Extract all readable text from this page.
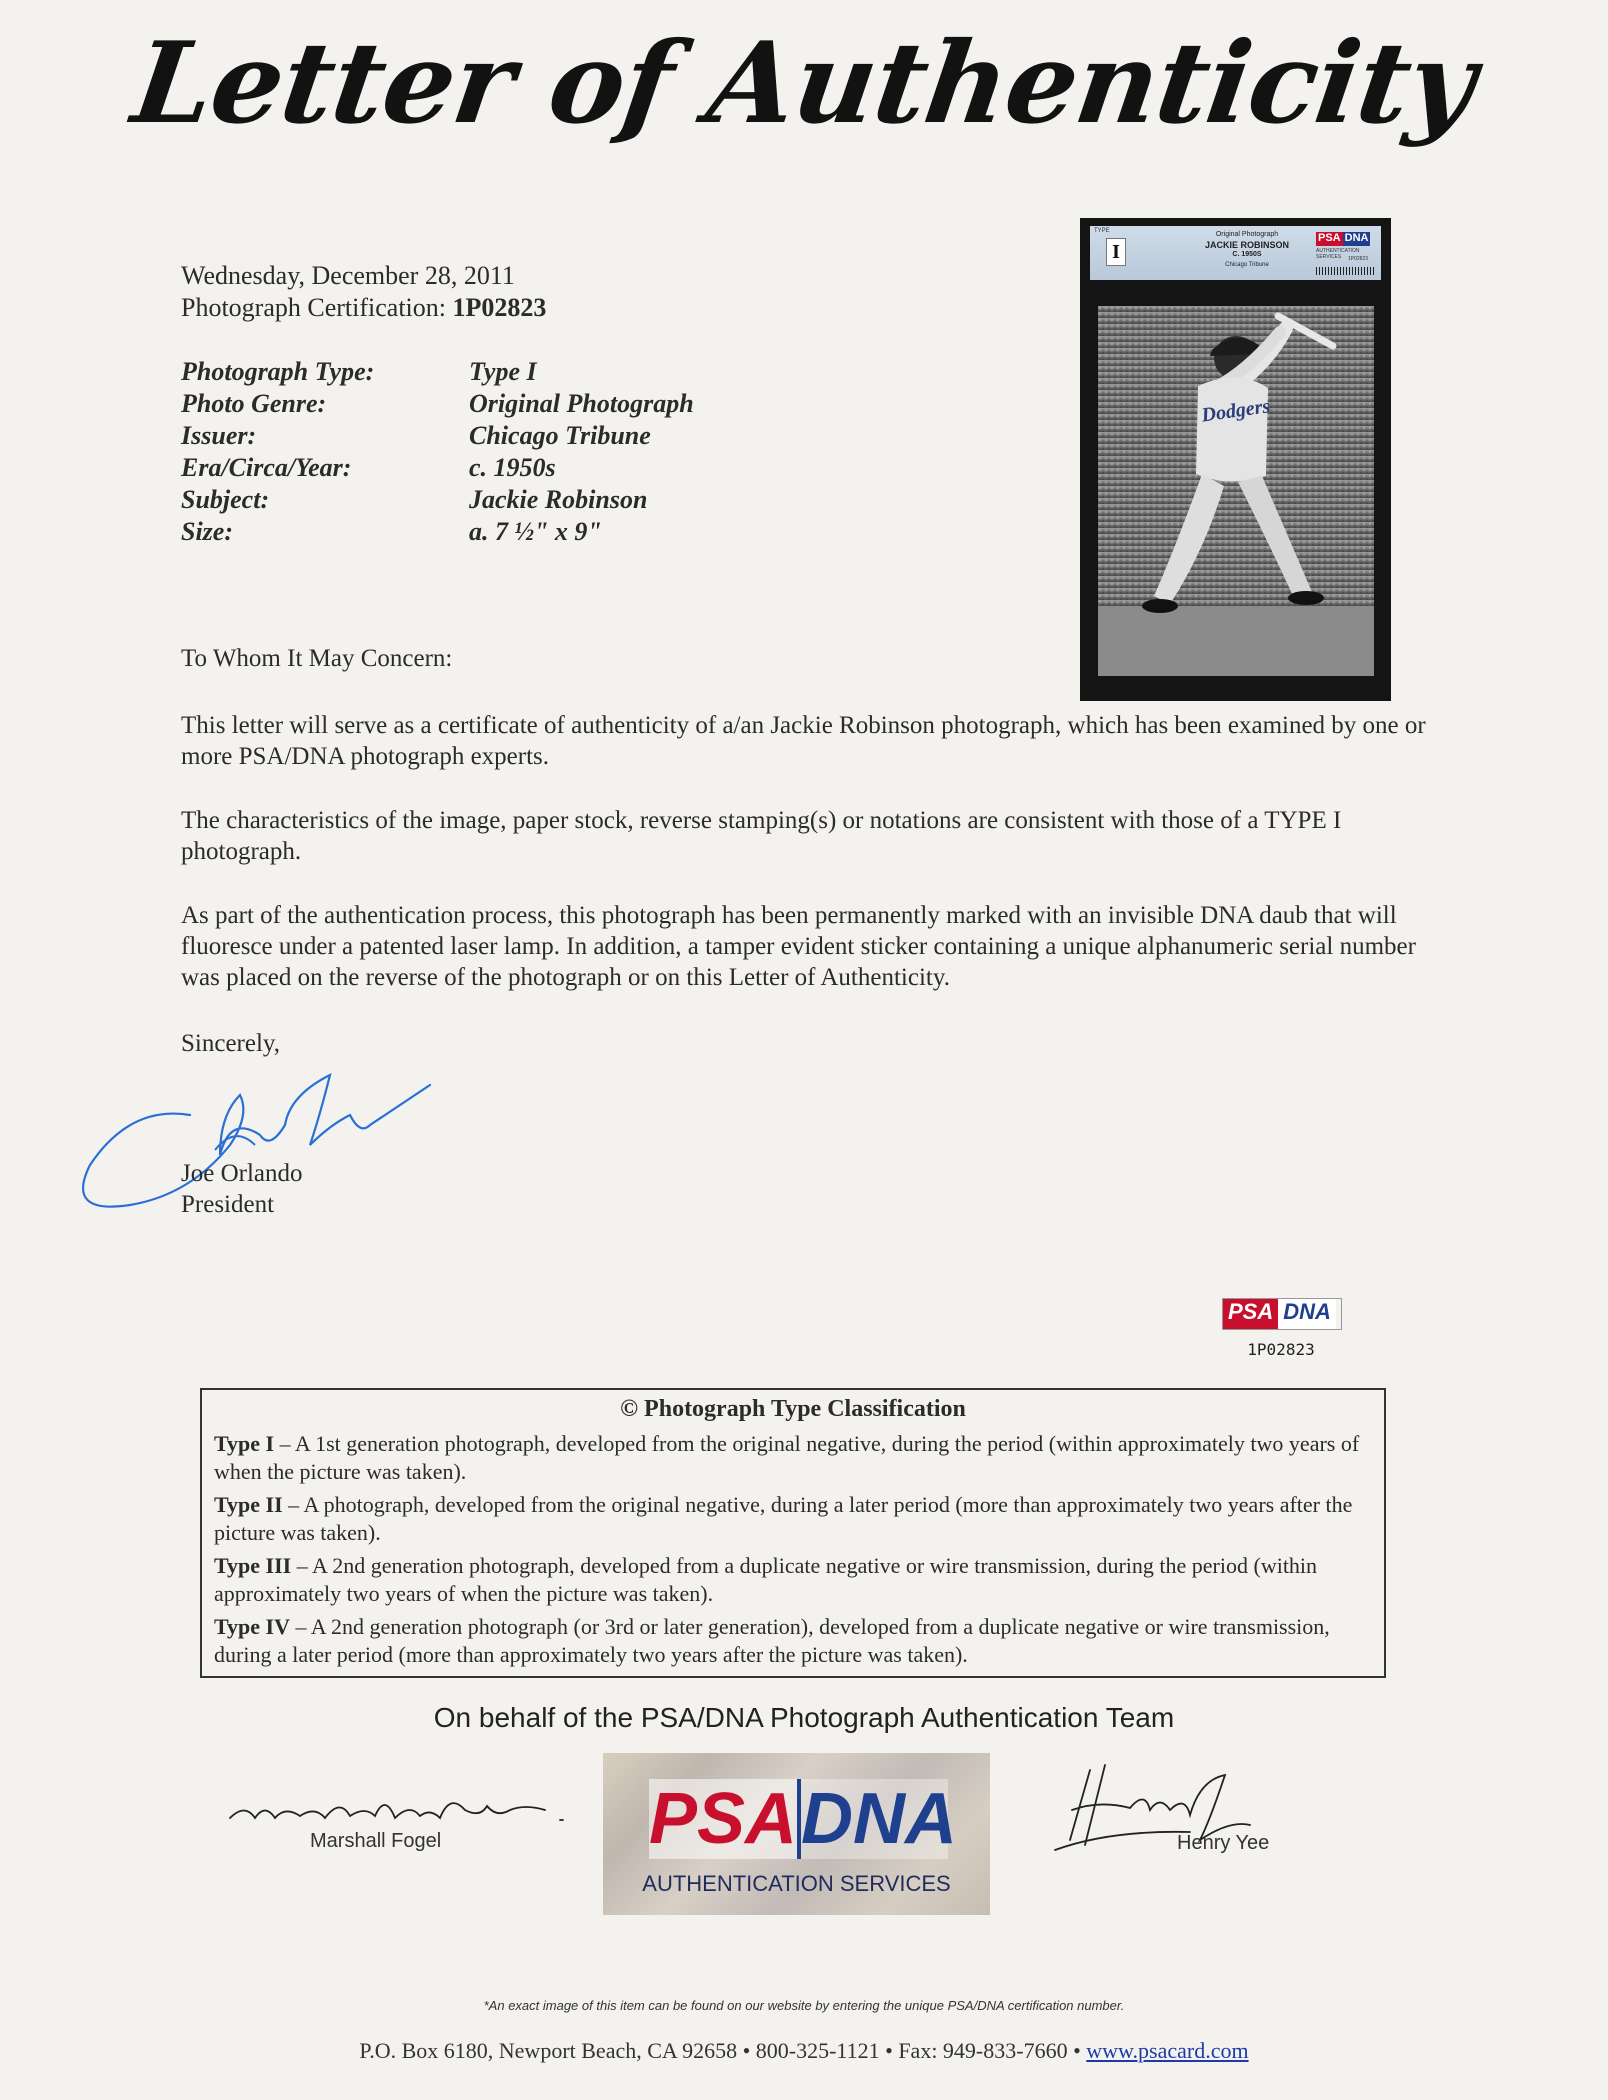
Letter of Authenticity
Wednesday, December 28, 2011
Photograph Certification: 1P02823
Photograph Type:	Type I
Photo Genre:	Original Photograph
Issuer:	Chicago Tribune
Era/Circa/Year:	c. 1950s
Subject:	Jackie Robinson
Size:	a. 7 ½" x 9"
TYPE
I
Original Photograph
JACKIE ROBINSON
C. 1950S
Chicago Tribune
PSA DNA
AUTHENTICATION SERVICES	1P02823
Dodgers
To Whom It May Concern:
This letter will serve as a certificate of authenticity of a/an Jackie Robinson photograph, which has been examined by one or more PSA/DNA photograph experts.
The characteristics of the image, paper stock, reverse stamping(s) or notations are consistent with those of a TYPE I photograph.
As part of the authentication process, this photograph has been permanently marked with an invisible DNA daub that will fluoresce under a patented laser lamp. In addition, a tamper evident sticker containing a unique alphanumeric serial number was placed on the reverse of the photograph or on this Letter of Authenticity.
Sincerely,
Joe Orlando
President
PSA DNA
1P02823
© Photograph Type Classification
Type I – A 1st generation photograph, developed from the original negative, during the period (within approximately two years of when the picture was taken).
Type II – A photograph, developed from the original negative, during a later period (more than approximately two years after the picture was taken).
Type III – A 2nd generation photograph, developed from a duplicate negative or wire transmission, during the period (within approximately two years of when the picture was taken).
Type IV – A 2nd generation photograph (or 3rd or later generation), developed from a duplicate negative or wire transmission, during a later period (more than approximately two years after the picture was taken).
On behalf of the PSA/DNA Photograph Authentication Team
Marshall Fogel	Henry Yee
PSA DNA
AUTHENTICATION SERVICES
*An exact image of this item can be found on our website by entering the unique PSA/DNA certification number.
P.O. Box 6180, Newport Beach, CA 92658 • 800-325-1121 • Fax: 949-833-7660 • www.psacard.com
